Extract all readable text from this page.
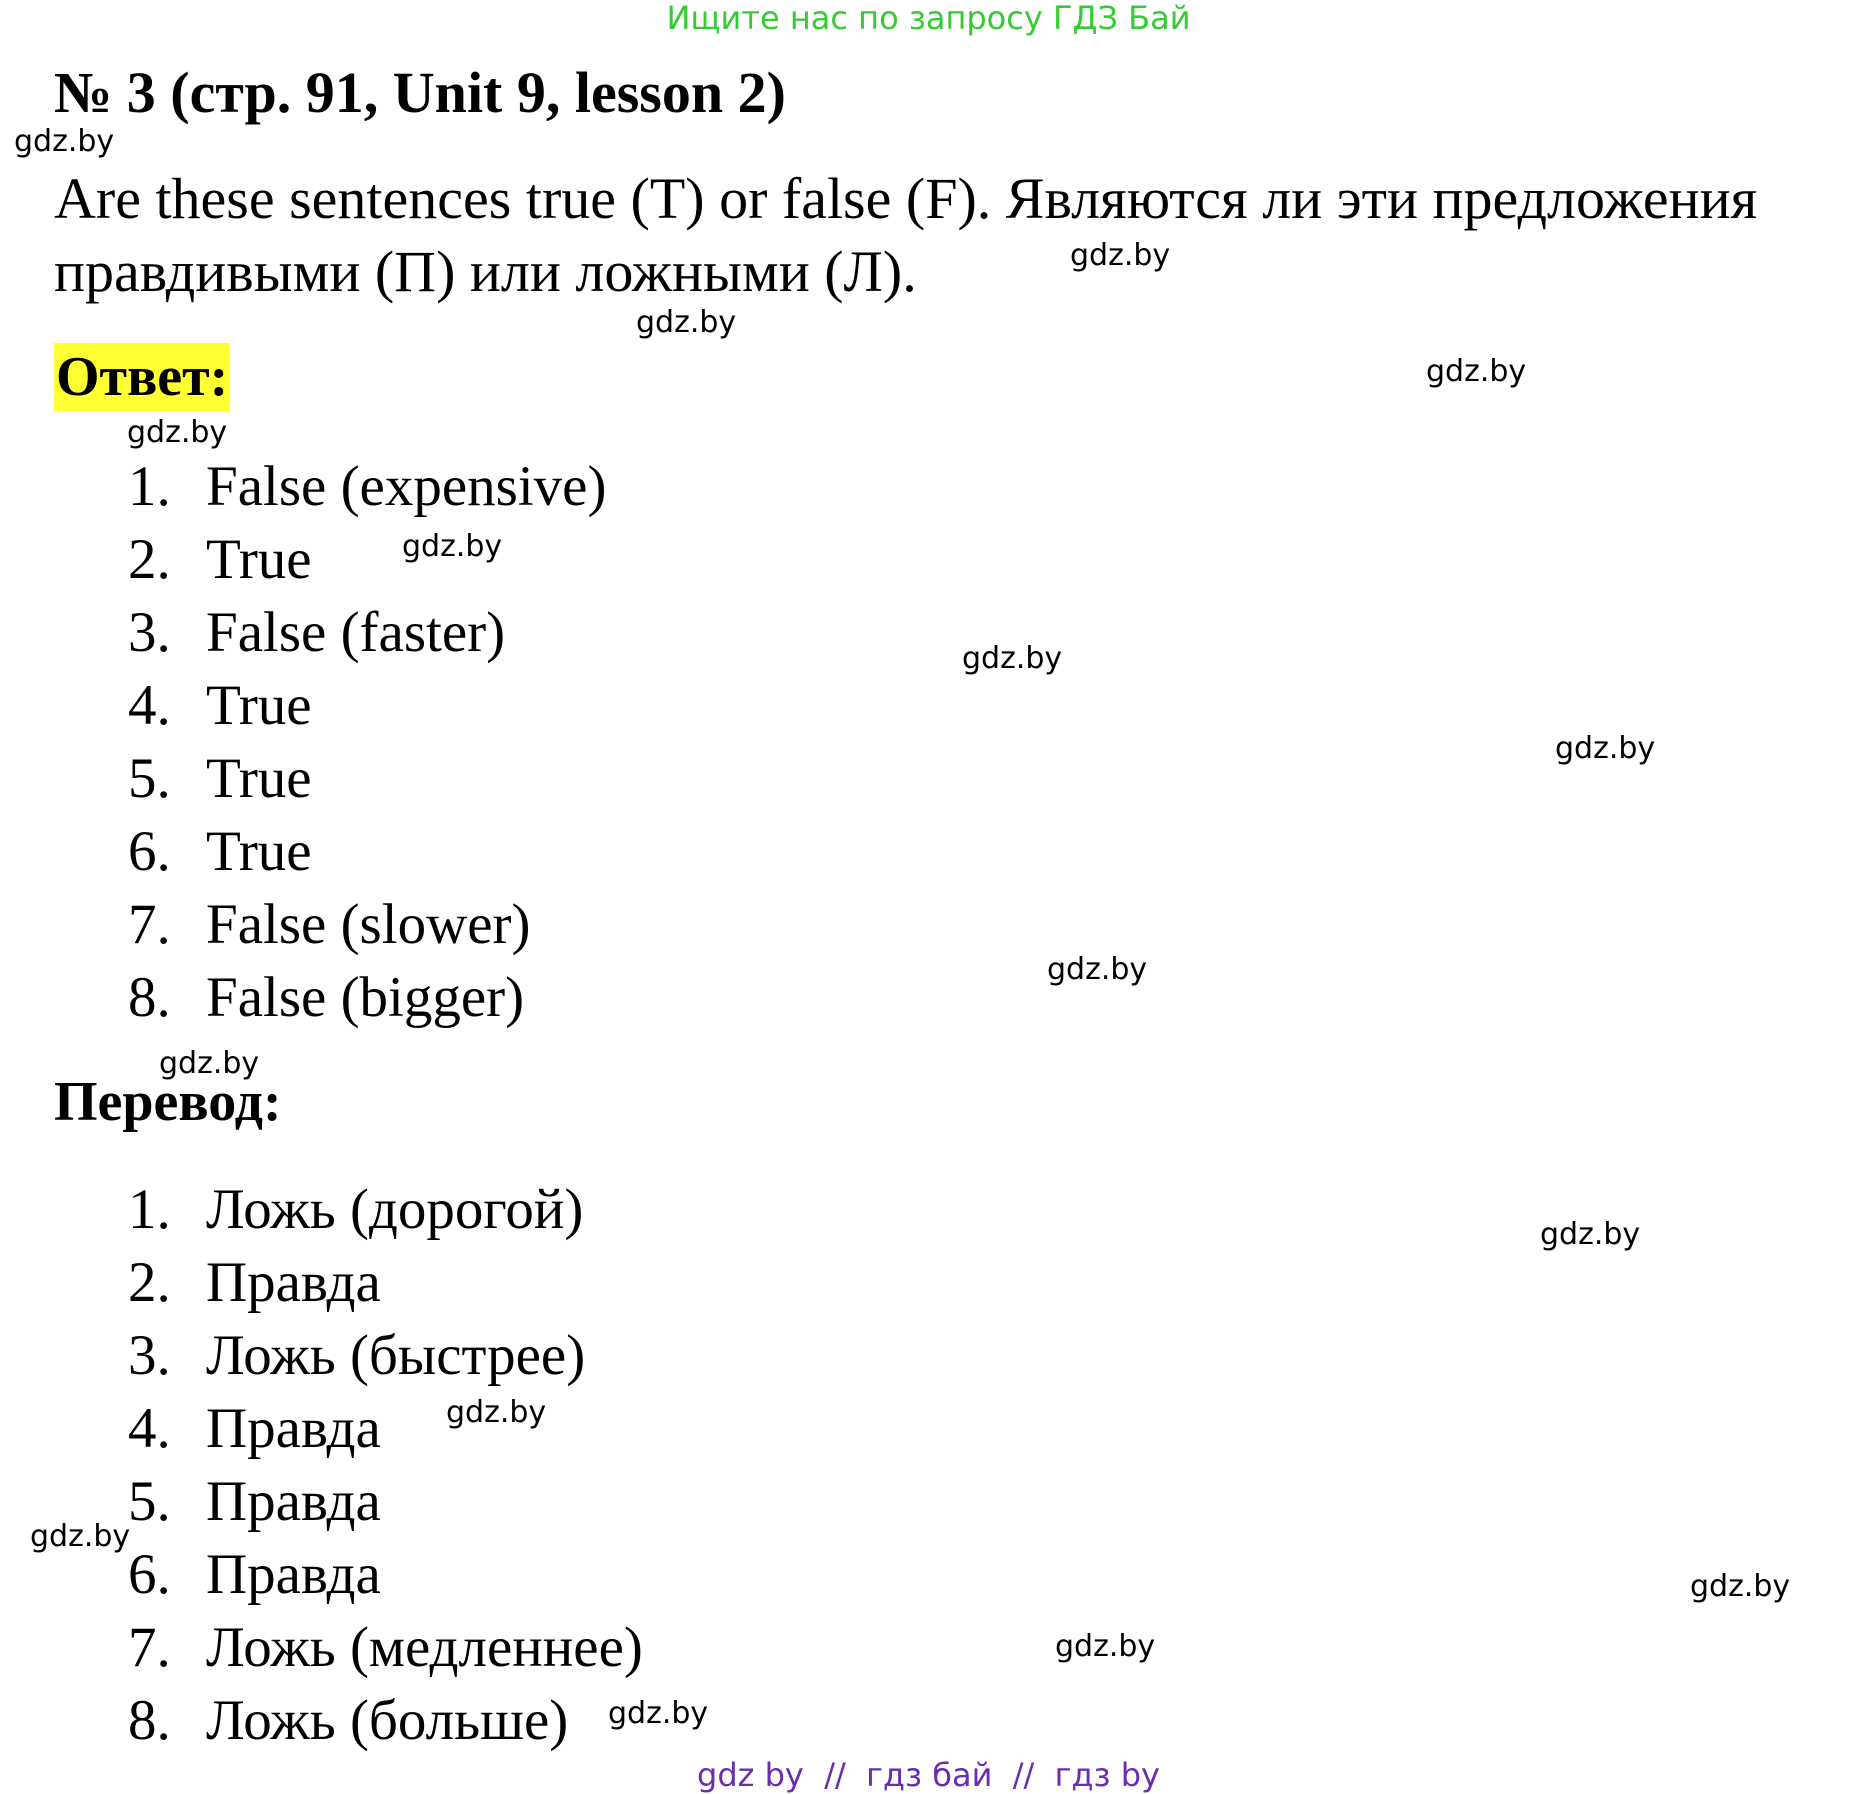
Ищите нас по запросу ГДЗ Бай
№ 3 (стр. 91, Unit 9, lesson 2)
Are these sentences true (T) or false (F). Являются ли эти предложения
правдивыми (П) или ложными (Л).
Ответ:
1. False (expensive)
2. True
3. False (faster)
4. True
5. True
6. True
7. False (slower)
8. False (bigger)
Перевод:
1. Ложь (дорогой)
2. Правда
3. Ложь (быстрее)
4. Правда
5. Правда
6. Правда
7. Ложь (медленнее)
8. Ложь (больше)
gdz.by
gdz.by
gdz.by
gdz.by
gdz.by
gdz.by
gdz.by
gdz.by
gdz.by
gdz.by
gdz.by
gdz.by
gdz.by
gdz.by
gdz.by
gdz.by
gdz by  //  гдз бай  //  гдз by
